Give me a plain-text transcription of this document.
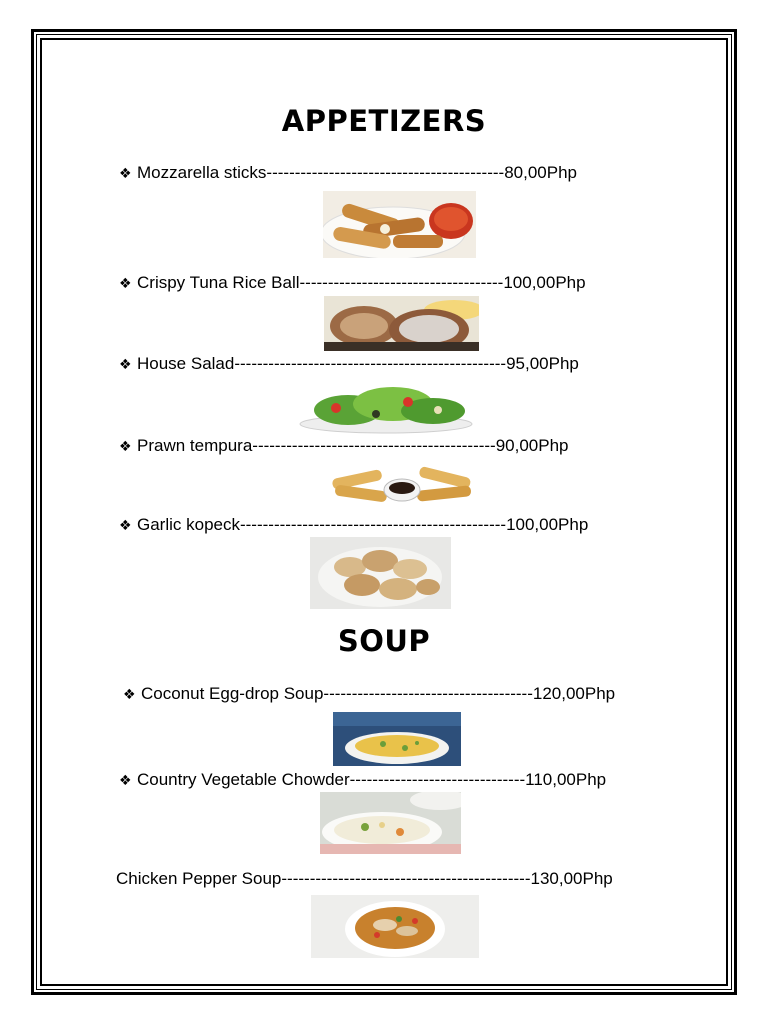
APPETIZERS
❖ Mozzarella sticks------------------------------------------80,00Php
❖ Crispy Tuna Rice Ball------------------------------------100,00Php
❖ House Salad------------------------------------------------95,00Php
❖ Prawn tempura-------------------------------------------90,00Php
❖ Garlic kopeck-----------------------------------------------100,00Php
SOUP
❖ Coconut Egg-drop Soup-------------------------------------120,00Php
❖ Country Vegetable Chowder-------------------------------110,00Php
Chicken Pepper Soup--------------------------------------------130,00Php
